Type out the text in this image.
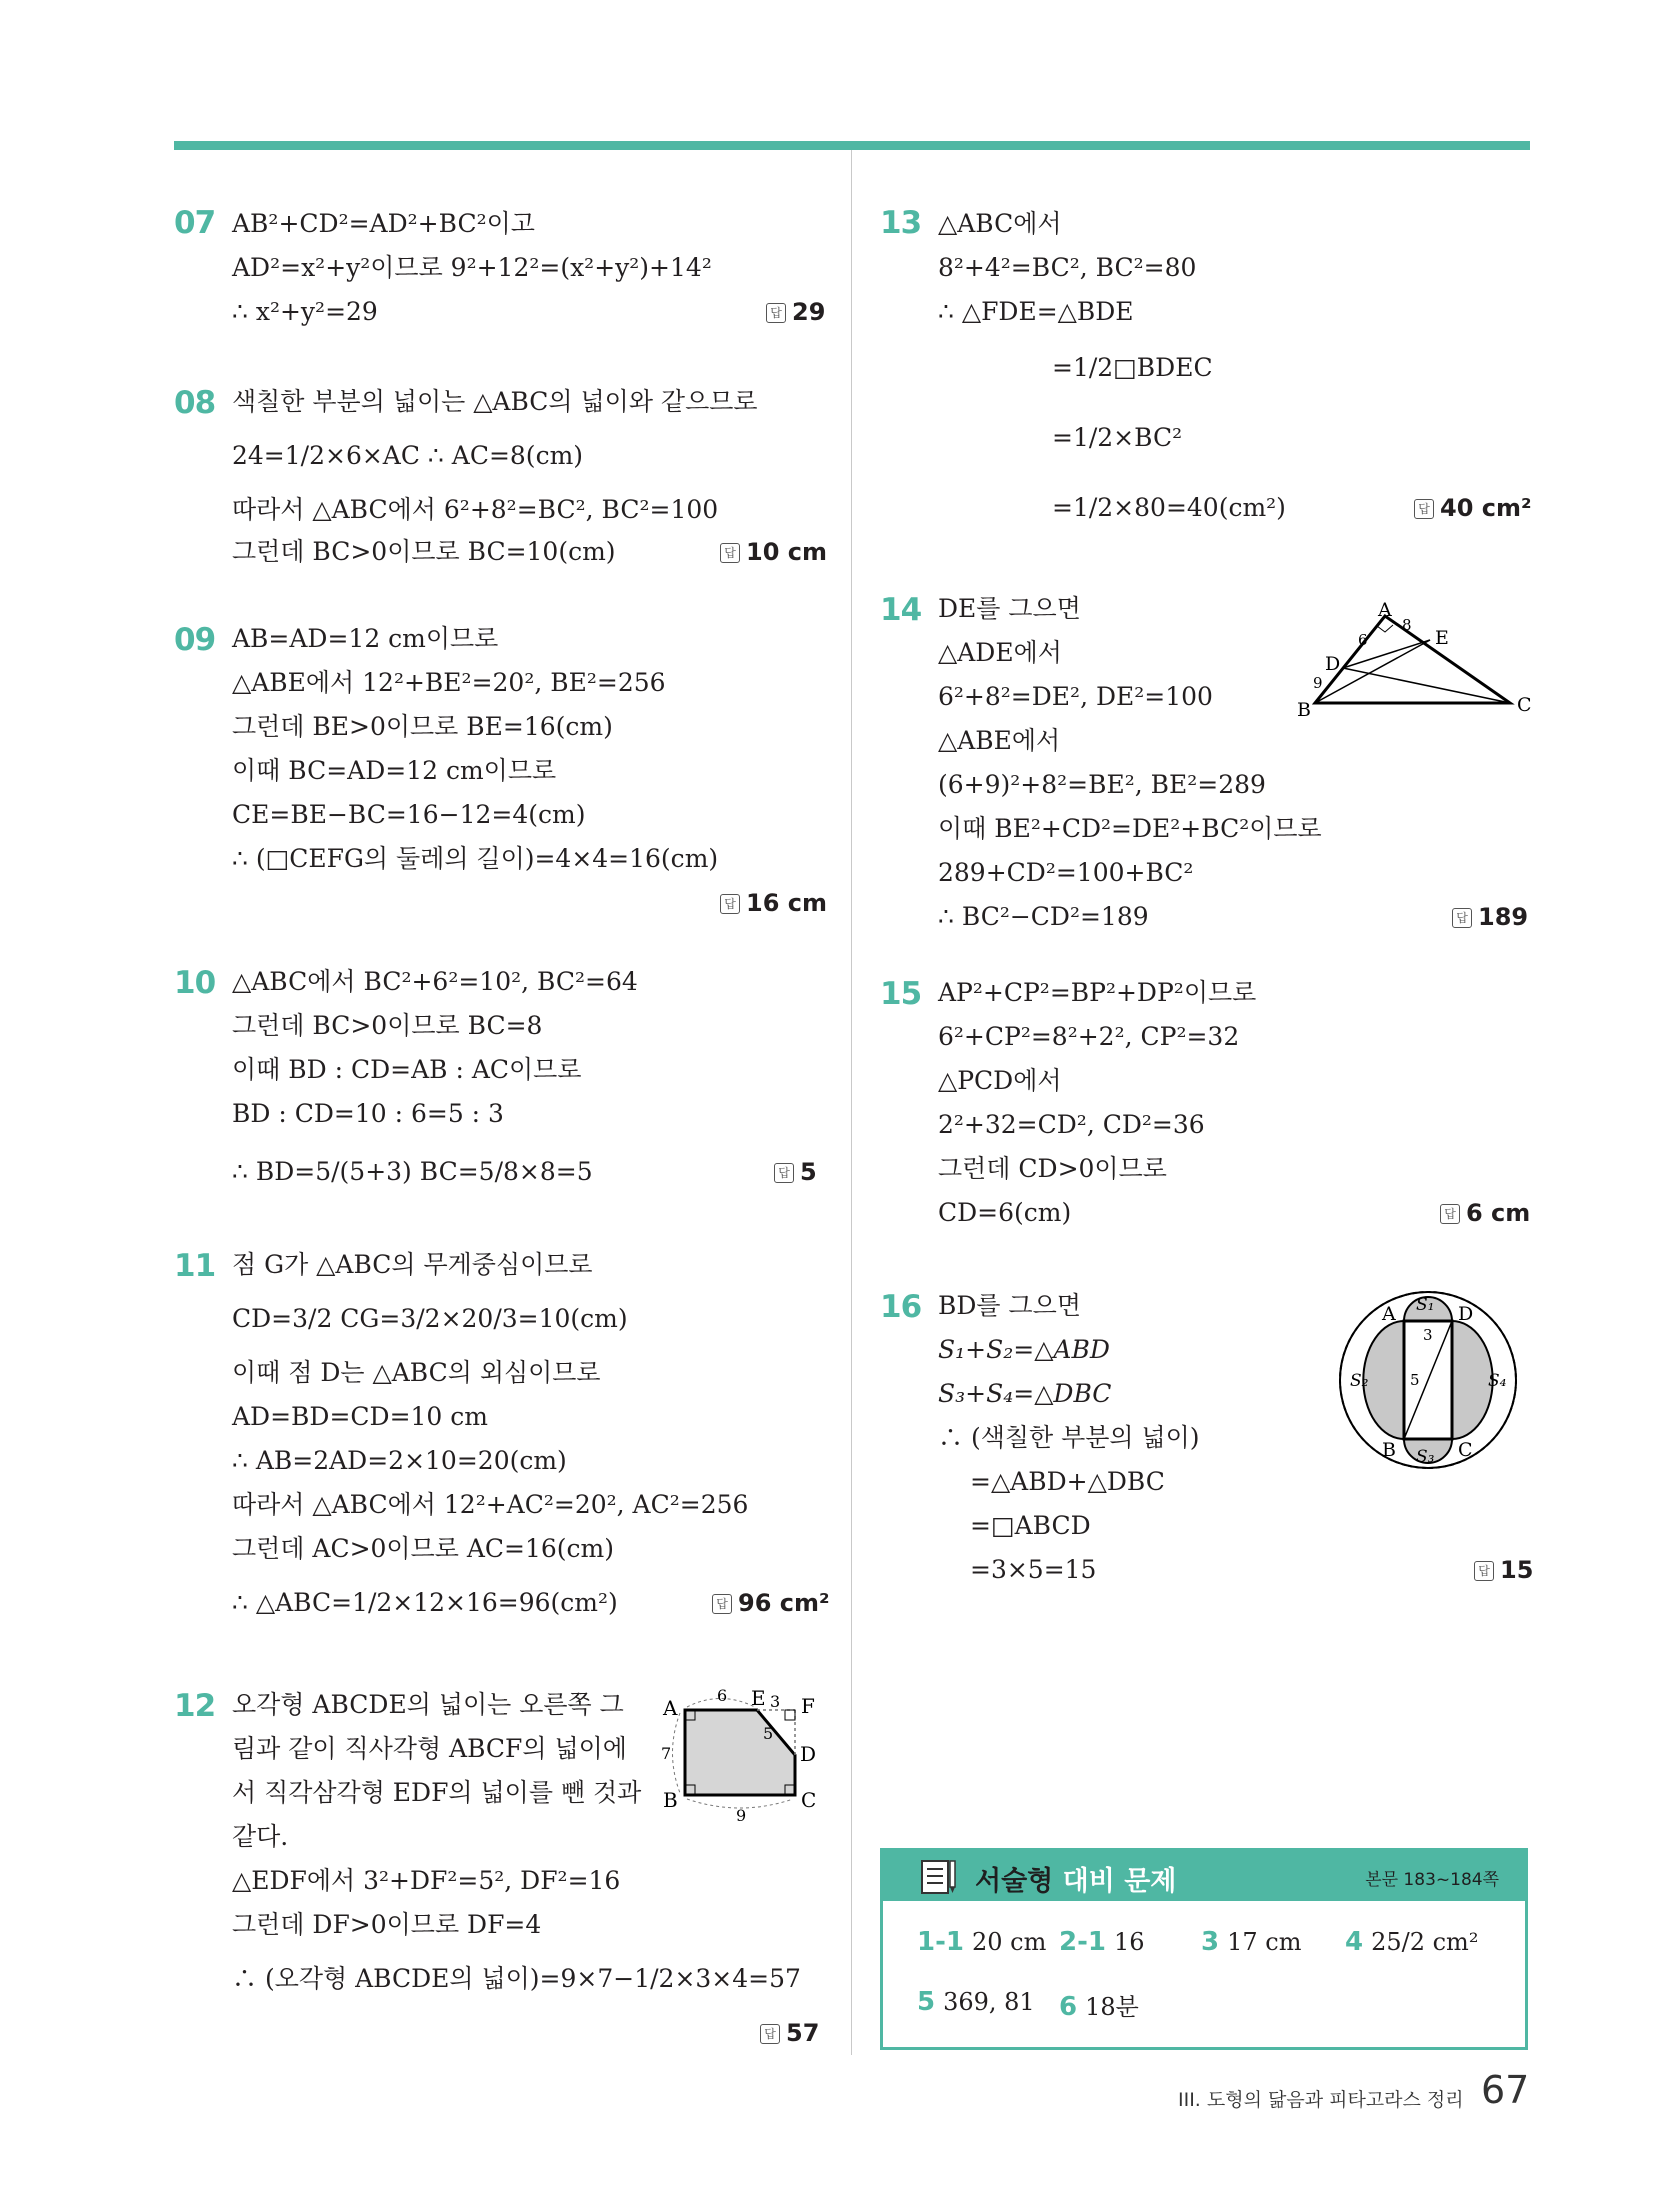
07 AB²+CD²=AD²+BC²이고
AD²=x²+y²이므로 9²+12²=(x²+y²)+14²
∴ x²+y²=29	답 29
08 색칠한 부분의 넓이는 △ABC의 넓이와 같으므로
24=1/2×6×AC ∴ AC=8(cm)
따라서 △ABC에서 6²+8²=BC², BC²=100
그런데 BC>0이므로 BC=10(cm)	답 10 cm
09 AB=AD=12 cm이므로
△ABE에서 12²+BE²=20², BE²=256
그런데 BE>0이므로 BE=16(cm)
이때 BC=AD=12 cm이므로
CE=BE−BC=16−12=4(cm)
∴ (□CEFG의 둘레의 길이)=4×4=16(cm)
답 16 cm
10 △ABC에서 BC²+6²=10², BC²=64
그런데 BC>0이므로 BC=8
이때 BD : CD=AB : AC이므로
BD : CD=10 : 6=5 : 3
∴ BD=5/(5+3) BC=5/8×8=5	답 5
11 점 G가 △ABC의 무게중심이므로
CD=3/2 CG=3/2×20/3=10(cm)
이때 점 D는 △ABC의 외심이므로
AD=BD=CD=10 cm
∴ AB=2AD=2×10=20(cm)
따라서 △ABC에서 12²+AC²=20², AC²=256
그런데 AC>0이므로 AC=16(cm)
∴ △ABC=1/2×12×16=96(cm²)	답 96 cm²
12 오각형 ABCDE의 넓이는 오른쪽 그
림과 같이 직사각형 ABCF의 넓이에
서 직각삼각형 EDF의 넓이를 뺀 것과
같다.
△EDF에서 3²+DF²=5², DF²=16
그런데 DF>0이므로 DF=4
∴ (오각형 ABCDE의 넓이)=9×7−1/2×3×4=57
답 57
A	E F
D
B	C
6	3
7
5
9
13 △ABC에서
8²+4²=BC², BC²=80
∴ △FDE=△BDE
=1/2□BDEC
=1/2×BC²
=1/2×80=40(cm²)	답 40 cm²
14 DE를 그으면
△ADE에서
6²+8²=DE², DE²=100
△ABE에서
(6+9)²+8²=BE², BE²=289
이때 BE²+CD²=DE²+BC²이므로
289+CD²=100+BC²
∴ BC²−CD²=189	답 189
A
D
E
B	C
6
8
9
15 AP²+CP²=BP²+DP²이므로
6²+CP²=8²+2², CP²=32
△PCD에서
2²+32=CD², CD²=36
그런데 CD>0이므로
CD=6(cm)	답 6 cm
16 BD를 그으면
S₁+S₂=△ABD
S₃+S₄=△DBC
∴ (색칠한 부분의 넓이)
=△ABD+△DBC
=□ABCD
=3×5=15	답 15
A	D
B	C
S₁
S₂
S₃
S₄
3
5
서술형 대비 문제	본문 183~184쪽
1-1 20 cm 2-1 16 3 17 cm 4 25/2 cm²
5 369, 81 6 18분
III. 도형의 닮음과 피타고라스 정리 67
